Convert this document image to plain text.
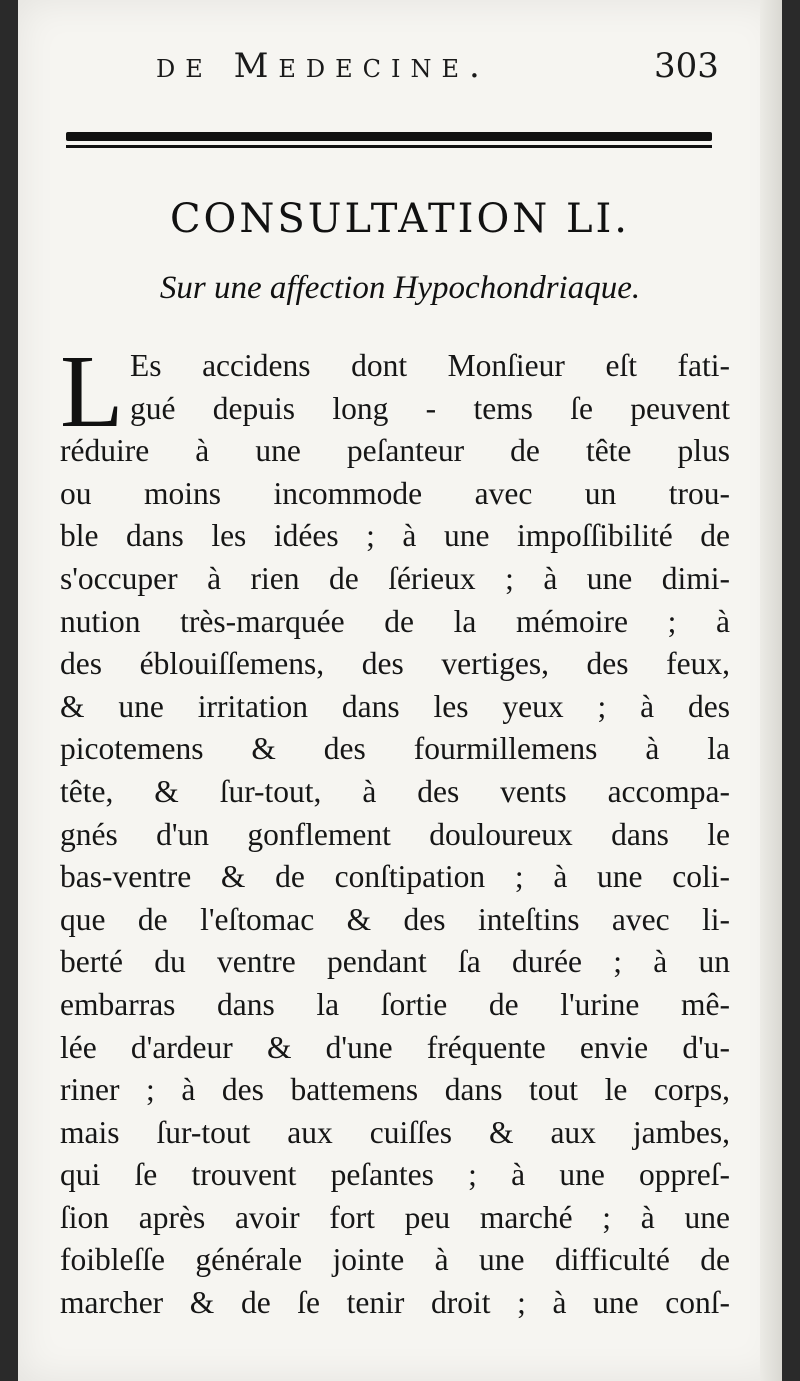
de Medecine.	303
CONSULTATION LI.
Sur une affection Hypochondriaque.
L Es accidens dont Monſieur eſt fati-
gué depuis long - tems ſe peuvent
réduire à une peſanteur de tête plus
ou moins incommode avec un trou-
ble dans les idées ; à une impoſſibilité de
s'occuper à rien de ſérieux ; à une dimi-
nution très-marquée de la mémoire ; à
des éblouiſſemens, des vertiges, des feux,
& une irritation dans les yeux ; à des
picotemens & des fourmillemens à la
tête, & ſur-tout, à des vents accompa-
gnés d'un gonflement douloureux dans le
bas-ventre & de conſtipation ; à une coli-
que de l'eſtomac & des inteſtins avec li-
berté du ventre pendant ſa durée ; à un
embarras dans la ſortie de l'urine mê-
lée d'ardeur & d'une fréquente envie d'u-
riner ; à des battemens dans tout le corps,
mais ſur-tout aux cuiſſes & aux jambes,
qui ſe trouvent peſantes ; à une oppreſ-
ſion après avoir fort peu marché ; à une
foibleſſe générale jointe à une difficulté de
marcher & de ſe tenir droit ; à une conſ-
